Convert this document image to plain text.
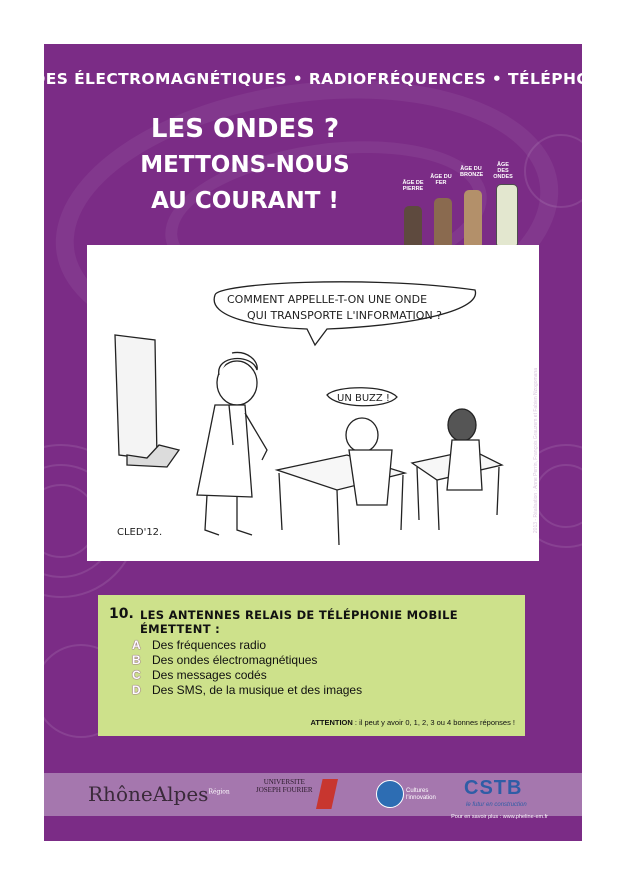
ONDES ÉLECTROMAGNÉTIQUES • RADIOFRÉQUENCES • TÉLÉPHONIE
LES ONDES ?
METTONS-NOUS
AU COURANT !
ÂGE DE PIERRE
ÂGE DU FER
ÂGE DU BRONZE
ÂGE DES ONDES
COMMENT APPELLE-T-ON UNE ONDE
QUI TRANSPORTE L'INFORMATION ?
UN BUZZ !
CLED'12.	2013 - Réalisation : Anne Perrin, François Grauzem et Fabien Nzogomana
10. LES ANTENNES RELAIS DE TÉLÉPHONIE MOBILE ÉMETTENT :
A Des fréquences radio
B Des ondes électromagnétiques
C Des messages codés
D Des SMS, de la musique et des images
ATTENTION : il peut y avoir 0, 1, 2, 3 ou 4 bonnes réponses !
RhôneAlpes$^{Région}$
UNIVERSITE
JOSEPH FOURIER	Cultures
l'innovation CSTB
le futur en construction
Pour en savoir plus : www.pheline-em.fr
